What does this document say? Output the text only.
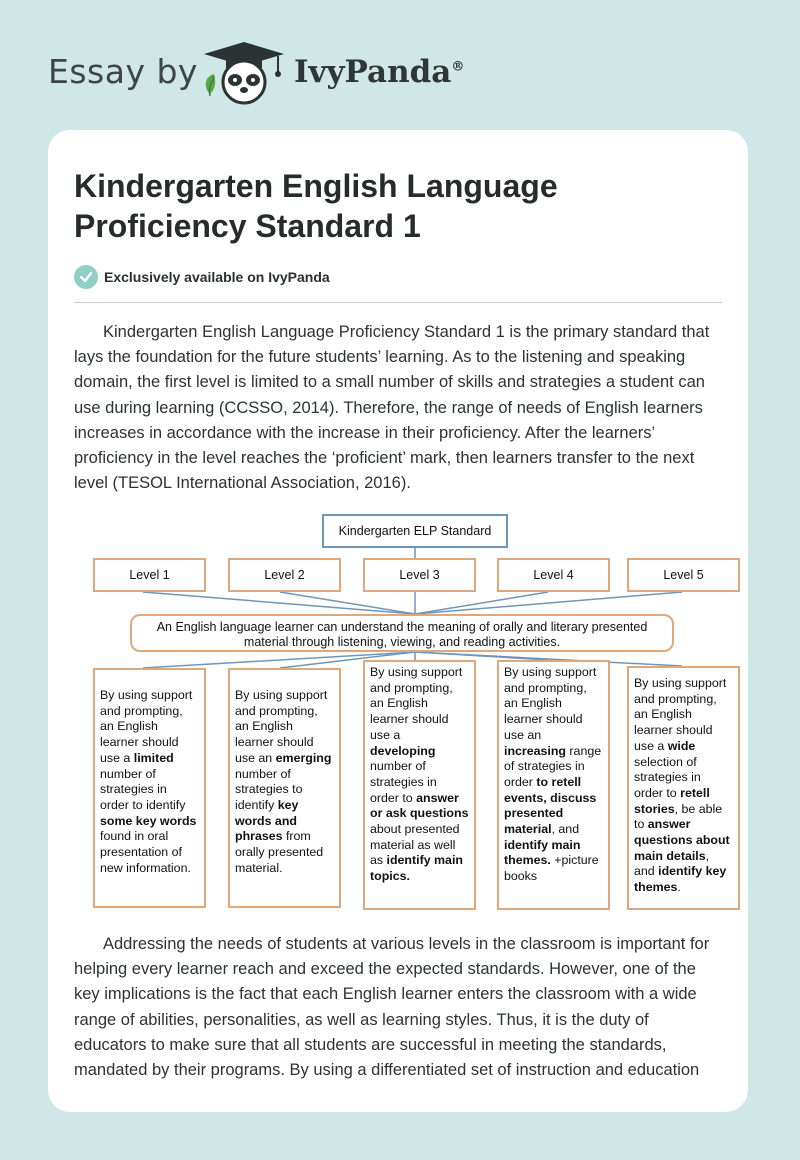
Essay by	IvyPanda®
Kindergarten English Language Proficiency Standard 1
Exclusively available on IvyPanda

Kindergarten English Language Proficiency Standard 1 is the primary standard that lays the foundation for the future students’ learning. As to the listening and speaking domain, the first level is limited to a small number of skills and strategies a student can use during learning (CCSSO, 2014). Therefore, the range of needs of English learners increases in accordance with the increase in their proficiency. After the learners’ proficiency in the level reaches the ‘proficient’ mark, then learners transfer to the next level (TESOL International Association, 2016).

Kindergarten ELP Standard
Level 1	Level 2	Level 3	Level 4	Level 5
An English language learner can understand the meaning of orally and literary presented material through listening, viewing, and reading activities.
By using support and prompting, an English learner should use a limited number of strategies in order to identify some key words found in oral presentation of new information.
By using support and prompting, an English learner should use an emerging number of strategies to identify key words and phrases from orally presented material.
By using support and prompting, an English learner should use a developing number of strategies in order to answer or ask questions about presented material as well as identify main topics.
By using support and prompting, an English learner should use an increasing range of strategies in order to retell events, discuss presented material, and identify main themes. +picture books
By using support and prompting, an English learner should use a wide selection of strategies in order to retell stories, be able to answer questions about main details, and identify key themes.

Addressing the needs of students at various levels in the classroom is important for helping every learner reach and exceed the expected standards. However, one of the key implications is the fact that each English learner enters the classroom with a wide range of abilities, personalities, as well as learning styles. Thus, it is the duty of educators to make sure that all students are successful in meeting the standards, mandated by their programs. By using a differentiated set of instruction and education
